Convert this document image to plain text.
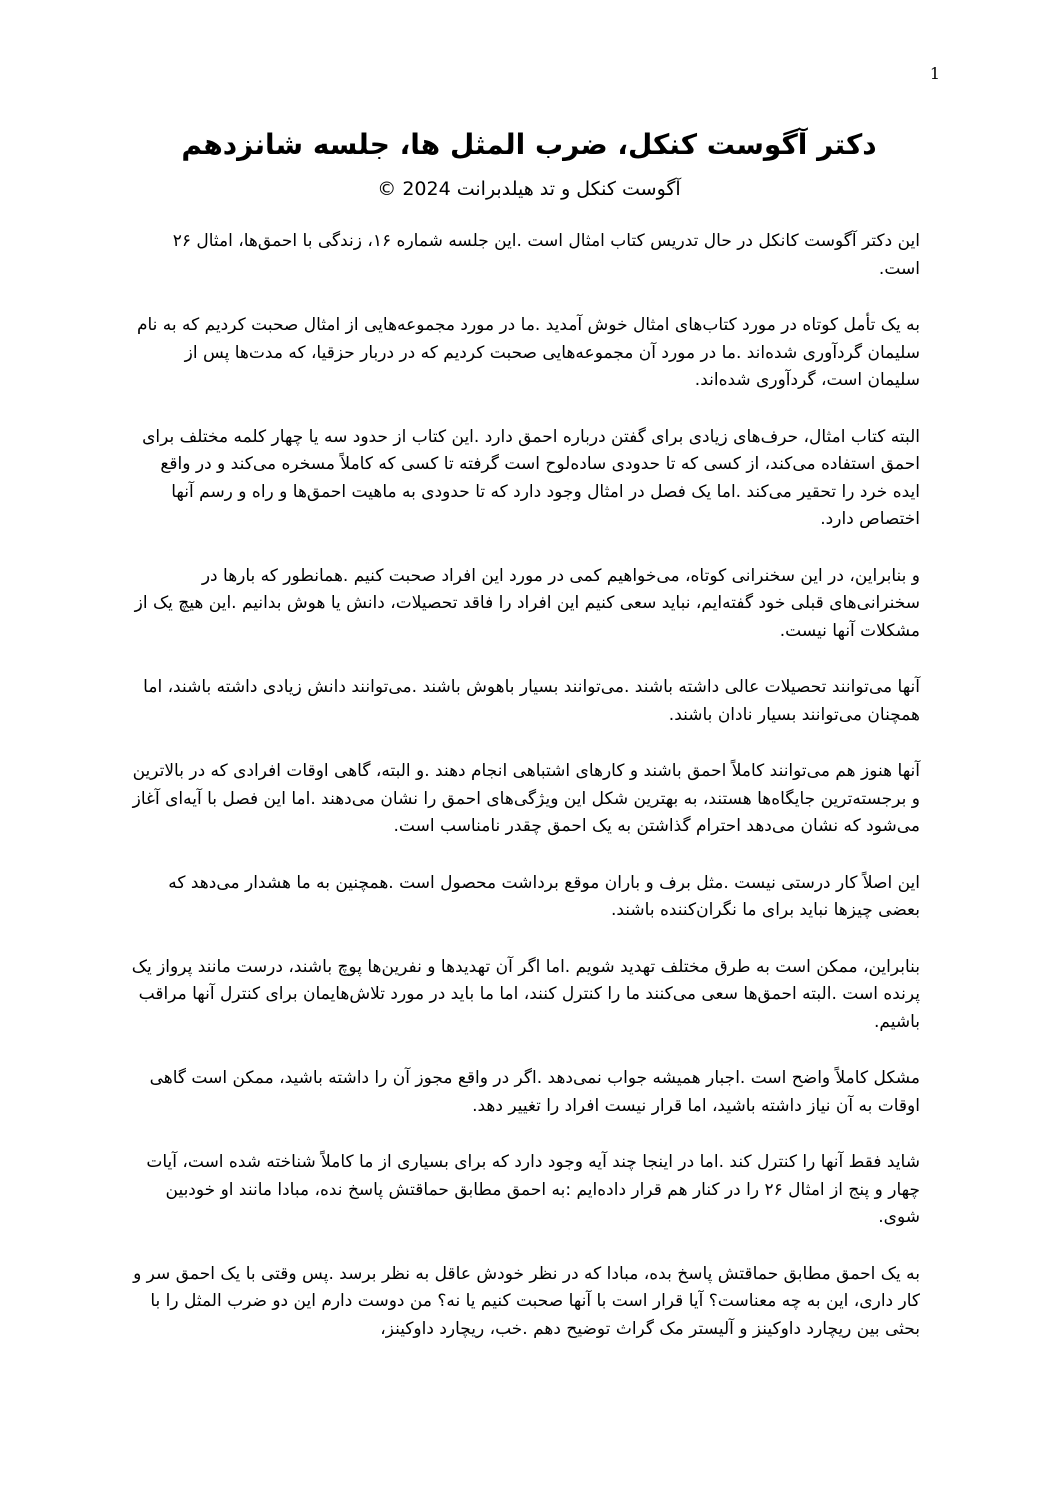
1
دکتر آگوست کنکل، ضرب المثل ها، جلسه شانزدهم
آگوست کنکل و تد هیلدبرانت 2024 ©

این دکتر آگوست کانکل در حال تدریس کتاب امثال است .این جلسه شماره ۱۶، زندگی با احمق‌ها، امثال ۲۶ است.

به یک تأمل کوتاه در مورد کتاب‌های امثال خوش آمدید .ما در مورد مجموعه‌هایی از امثال صحبت کردیم که به نام سلیمان گردآوری شده‌اند .ما در مورد آن مجموعه‌هایی صحبت کردیم که در دربار حزقیا، که مدت‌ها پس از سلیمان است، گردآوری شده‌اند.

البته کتاب امثال، حرف‌های زیادی برای گفتن درباره احمق دارد .این کتاب از حدود سه یا چهار کلمه مختلف برای احمق استفاده می‌کند، از کسی که تا حدودی ساده‌لوح است گرفته تا کسی که کاملاً مسخره می‌کند و در واقع ایده خرد را تحقیر می‌کند .اما یک فصل در امثال وجود دارد که تا حدودی به ماهیت احمق‌ها و راه و رسم آنها اختصاص دارد.

و بنابراین، در این سخنرانی کوتاه، می‌خواهیم کمی در مورد این افراد صحبت کنیم .همانطور که بارها در سخنرانی‌های قبلی خود گفته‌ایم، نباید سعی کنیم این افراد را فاقد تحصیلات، دانش یا هوش بدانیم .این هیچ یک از مشکلات آنها نیست.

آنها می‌توانند تحصیلات عالی داشته باشند .می‌توانند بسیار باهوش باشند .می‌توانند دانش زیادی داشته باشند، اما همچنان می‌توانند بسیار نادان باشند.

آنها هنوز هم می‌توانند کاملاً احمق باشند و کارهای اشتباهی انجام دهند .و البته، گاهی اوقات افرادی که در بالاترین و برجسته‌ترین جایگاه‌ها هستند، به بهترین شکل این ویژگی‌های احمق را نشان می‌دهند .اما این فصل با آیه‌ای آغاز می‌شود که نشان می‌دهد احترام گذاشتن به یک احمق چقدر نامناسب است.

این اصلاً کار درستی نیست .مثل برف و باران موقع برداشت محصول است .همچنین به ما هشدار می‌دهد که بعضی چیزها نباید برای ما نگران‌کننده باشند.

بنابراین، ممکن است به طرق مختلف تهدید شویم .اما اگر آن تهدیدها و نفرین‌ها پوچ باشند، درست مانند پرواز یک پرنده است .البته احمق‌ها سعی می‌کنند ما را کنترل کنند، اما ما باید در مورد تلاش‌هایمان برای کنترل آنها مراقب باشیم.

مشکل کاملاً واضح است .اجبار همیشه جواب نمی‌دهد .اگر در واقع مجوز آن را داشته باشید، ممکن است گاهی اوقات به آن نیاز داشته باشید، اما قرار نیست افراد را تغییر دهد.

شاید فقط آنها را کنترل کند .اما در اینجا چند آیه وجود دارد که برای بسیاری از ما کاملاً شناخته شده است، آیات چهار و پنج از امثال ۲۶ را در کنار هم قرار داده‌ایم :به احمق مطابق حماقتش پاسخ نده، مبادا مانند او خودبین شوی.

به یک احمق مطابق حماقتش پاسخ بده، مبادا که در نظر خودش عاقل به نظر برسد .پس وقتی با یک احمق سر و کار داری، این به چه معناست؟ آیا قرار است با آنها صحبت کنیم یا نه؟ من دوست دارم این دو ضرب المثل را با بحثی بین ریچارد داوکینز و آلیستر مک گراث توضیح دهم .خب، ریچارد داوکینز،
